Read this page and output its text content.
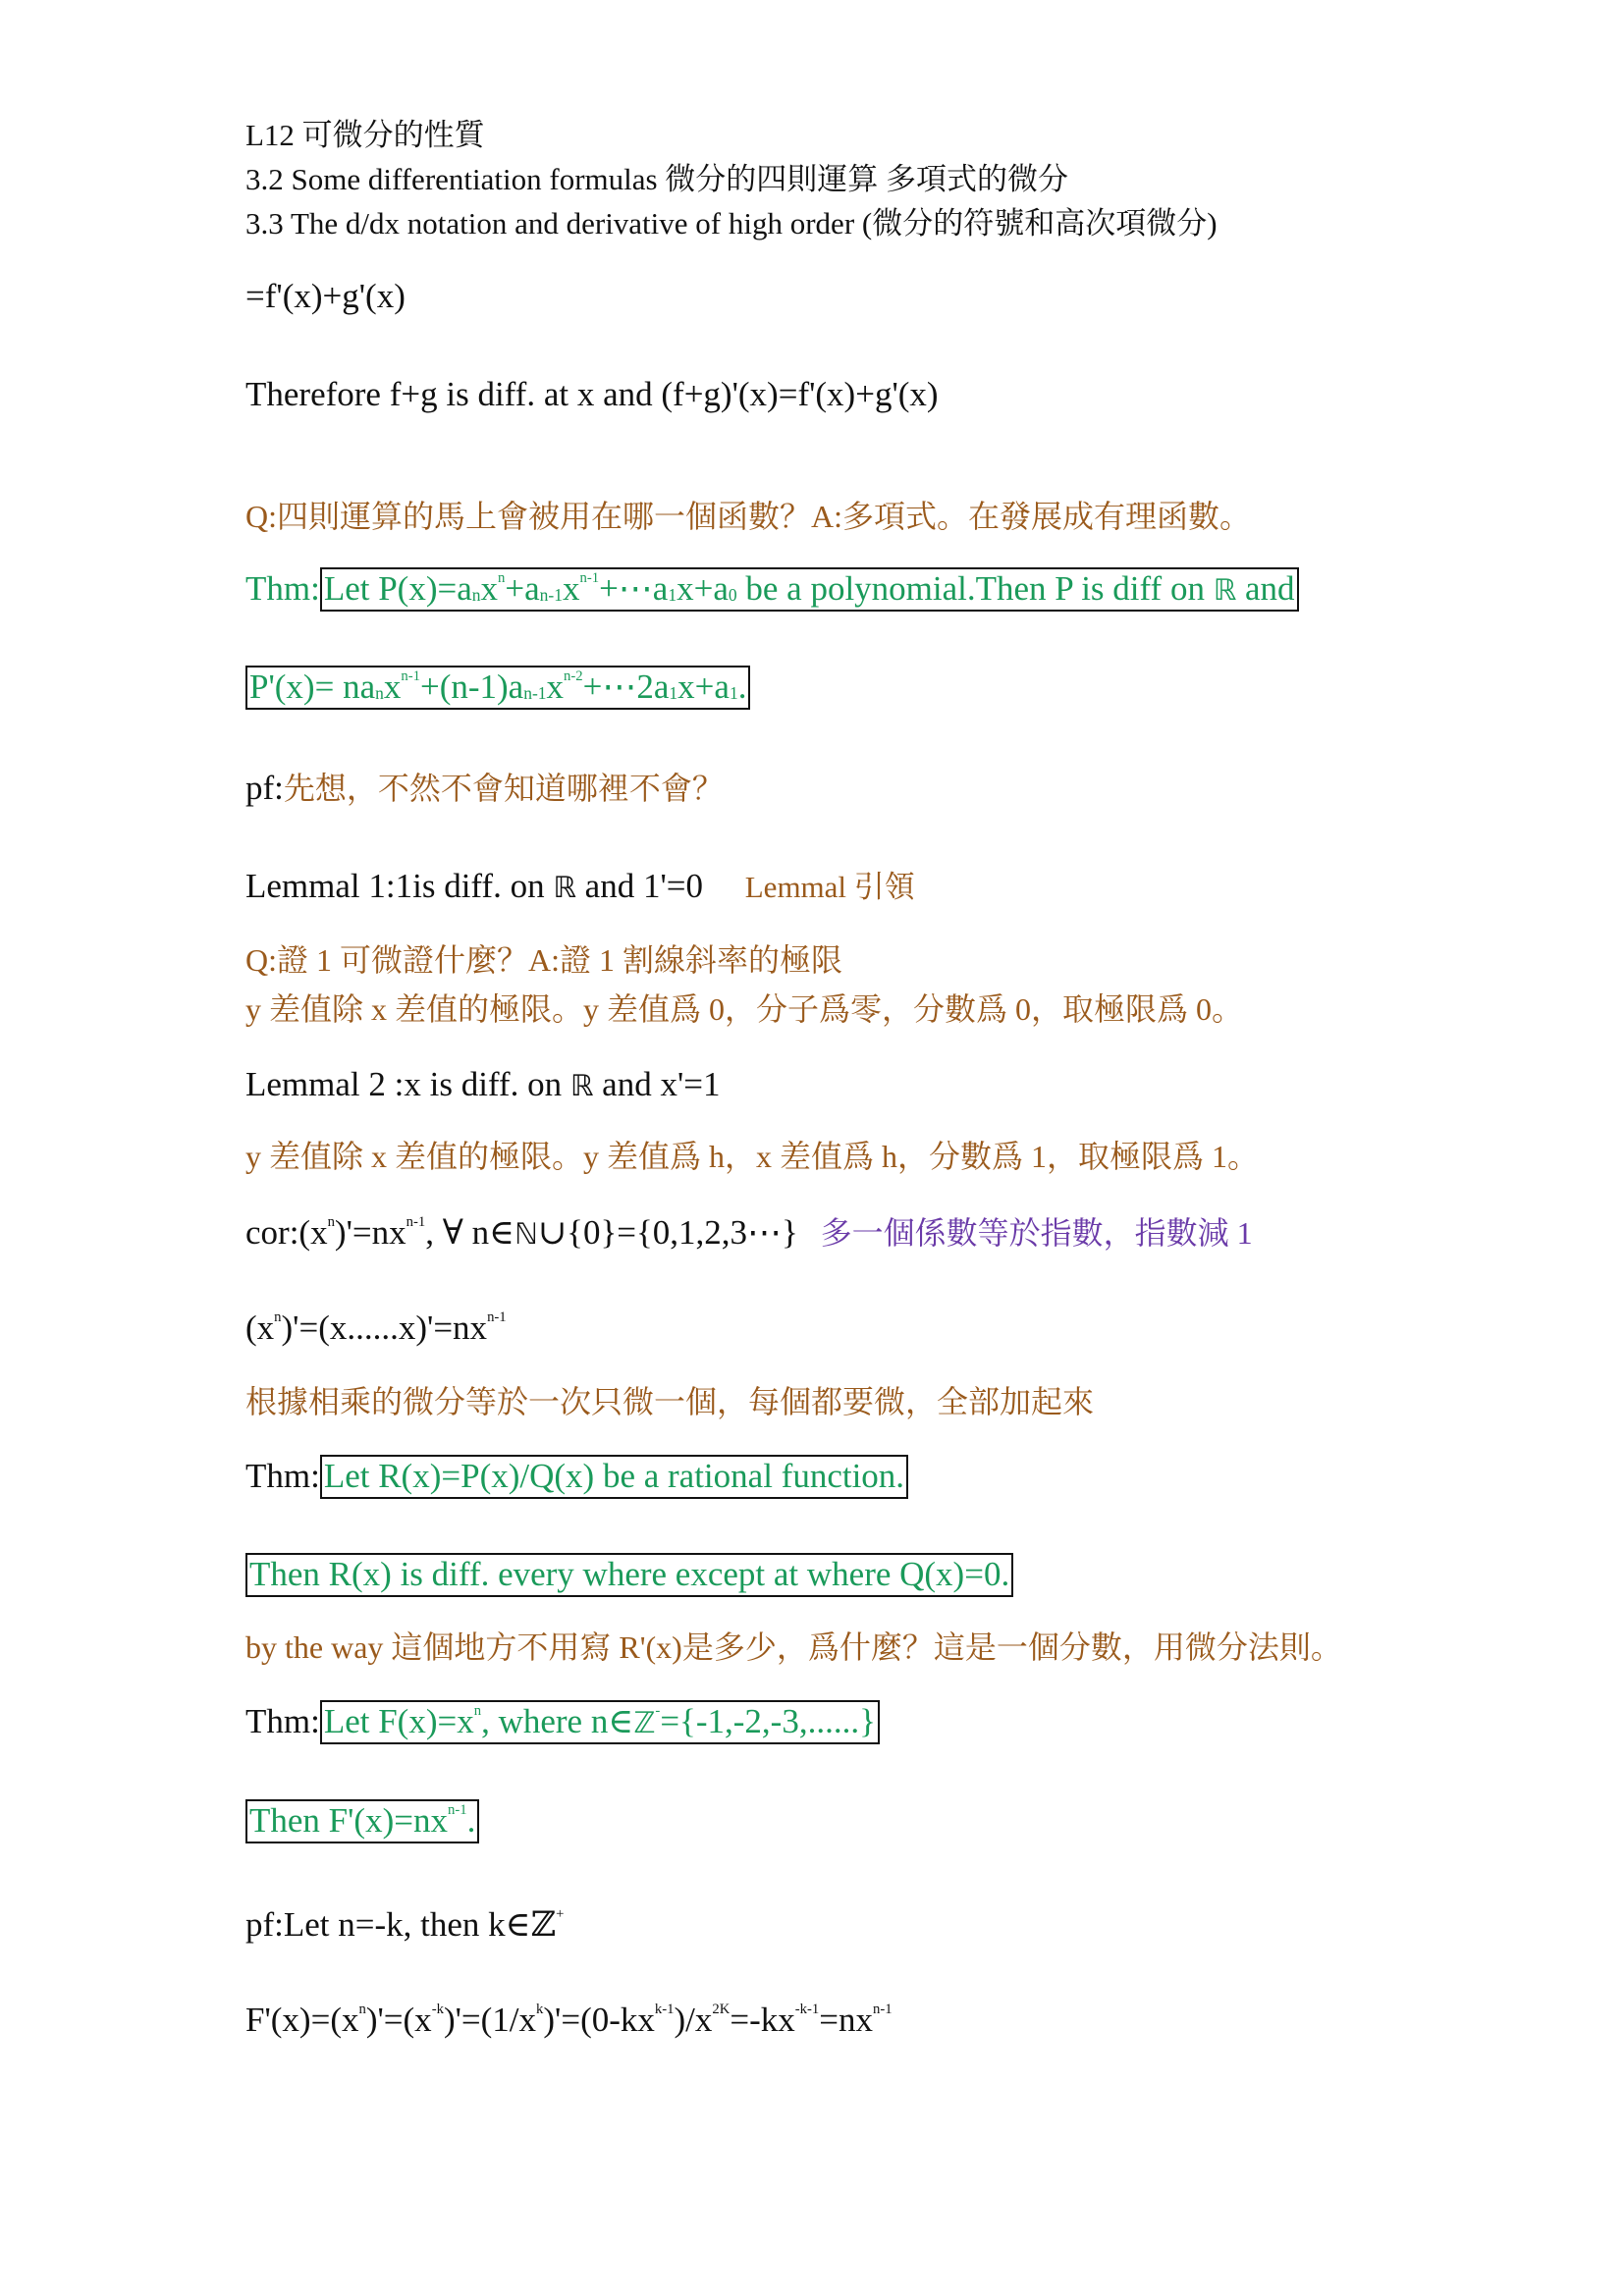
L12 可微分的性質
3.2 Some differentiation formulas 微分的四則運算 多項式的微分
3.3 The d/dx notation and derivative of high order (微分的符號和高次項微分)
=f'(x)+g'(x)
Therefore f+g is diff. at x and (f+g)'(x)=f'(x)+g'(x)
Q:四則運算的馬上會被用在哪一個函數？A:多項式。在發展成有理函數。
Thm: Let $P(x)=a_nx^n+a_{n-1}x^{n-1}+\cdots a_1x+a_0$ be a polynomial.Then P is diff on ℝ and
$P'(x)= na_nx^{n-1}+(n-1)a_{n-1}x^{n-2}+\cdots 2a_1x+a_1$.
pf:先想，不然不會知道哪裡不會？
Lemmal 1:1is diff. on ℝ and 1'=0 Lemmal 引領
Q:證 1 可微證什麼？A:證 1 割線斜率的極限
y 差值除 x 差值的極限。y 差值爲 0，分子爲零，分數爲 0，取極限爲 0。
Lemmal 2 :x is diff. on ℝ and x'=1
y 差值除 x 差值的極限。y 差值爲 h，x 差值爲 h，分數爲 1，取極限爲 1。
$cor:(x^n)'=nx^{n-1}$, ∀ n∈ℕ∪{0}={0,1,2,3⋯} 多一個係數等於指數，指數減 1
$(x^n)'=(x......x)'=nx^{n-1}$
根據相乘的微分等於一次只微一個，每個都要微，全部加起來
Thm: Let R(x)=P(x)/Q(x) be a rational function.
Then R(x) is diff. every where except at where Q(x)=0.
by the way 這個地方不用寫 R'(x)是多少，爲什麼？這是一個分數，用微分法則。
Thm: Let $F(x)=x^n$, where n∈ℤ-={-1,-2,-3,......}
Then $F'(x)=nx^{n-1}$.
pf:Let n=-k, then k∈ℤ+
$F'(x)=(x^n)'=(x^{-k})'=(1/x^k)'=(0-kx^{k-1})/x^{2K}=-kx^{-k-1}=nx^{n-1}$
